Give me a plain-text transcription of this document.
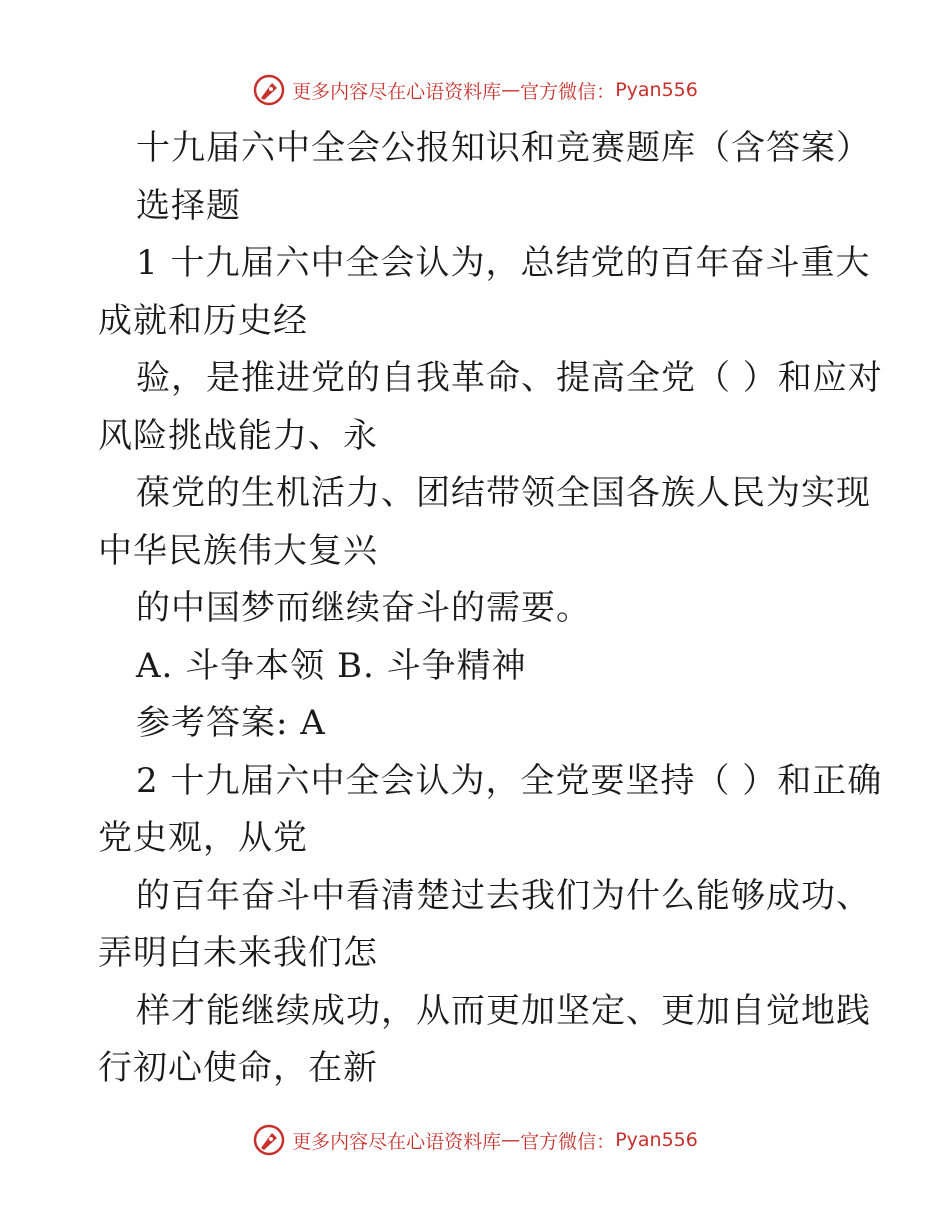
更多内容尽在心语资料库 — 官方微信： Pyan556
十九届六中全会公报知识和竞赛题库（含答案）
选择题
1 十九届六中全会认为，总结党的百年奋斗重大
成就和历史经
验，是推进党的自我革命、提高全党（ ）和应对
风险挑战能力、永
葆党的生机活力、团结带领全国各族人民为实现
中华民族伟大复兴
的中国梦而继续奋斗的需要。
A. 斗争本领 B. 斗争精神
参考答案: A
2 十九届六中全会认为，全党要坚持（ ）和正确
党史观，从党
的百年奋斗中看清楚过去我们为什么能够成功、
弄明白未来我们怎
样才能继续成功，从而更加坚定、更加自觉地践
行初心使命，在新
更多内容尽在心语资料库 — 官方微信： Pyan556
